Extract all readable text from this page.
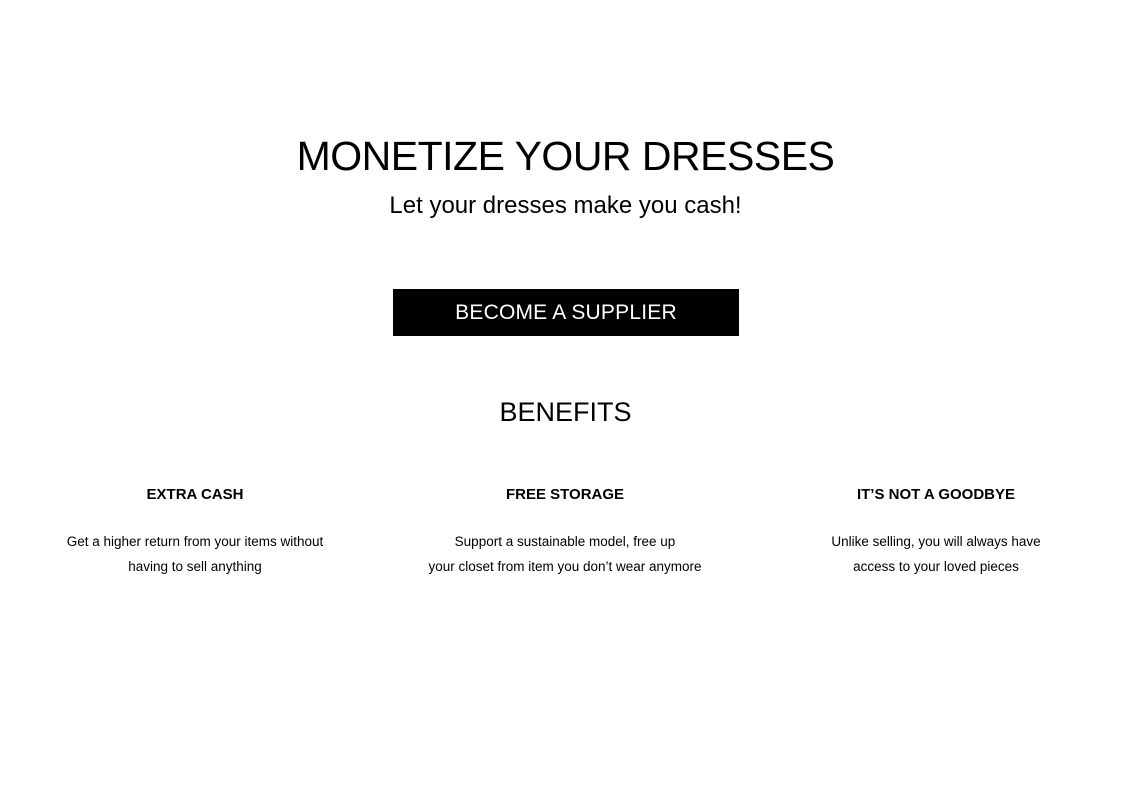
MONETIZE YOUR DRESSES
Let your dresses make you cash!
BECOME A SUPPLIER
BENEFITS
EXTRA CASH

Get a higher return from your items without
having to sell anything

FREE STORAGE

Support a sustainable model, free up
your closet from item you don’t wear anymore

IT’S NOT A GOODBYE

Unlike selling, you will always have
access to your loved pieces
